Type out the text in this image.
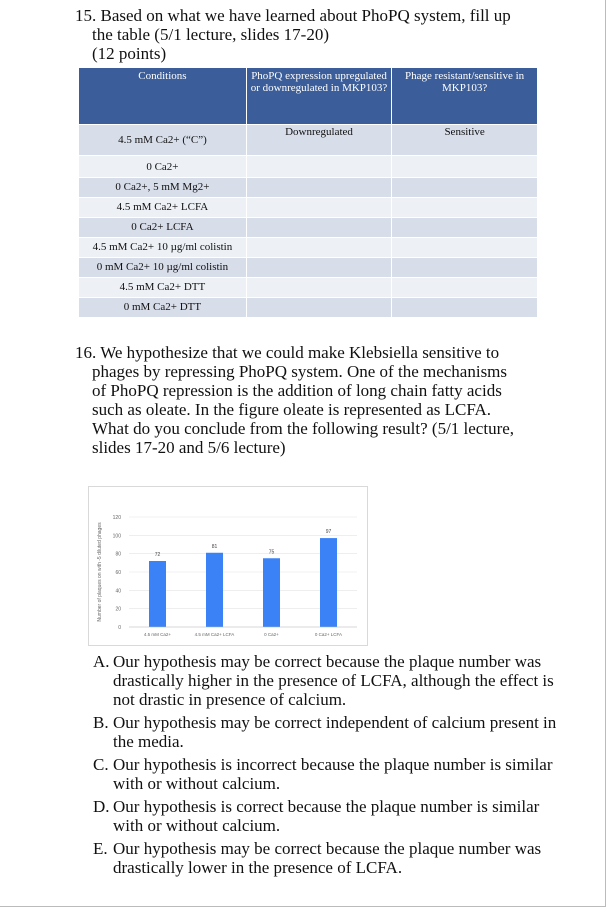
15. Based on what we have learned about PhoPQ system, fill up
the table (5/1 lecture, slides 17-20)
(12 points)
Conditions	PhoPQ expression upregulated or downregulated in MKP103?	Phage resistant/sensitive in MKP103?
4.5 mM Ca2+ (“C”)	Downregulated	Sensitive
0 Ca2+		
0 Ca2+, 5 mM Mg2+		
4.5 mM Ca2+ LCFA		
0 Ca2+ LCFA		
4.5 mM Ca2+ 10 µg/ml colistin		
0 mM Ca2+ 10 µg/ml colistin		
4.5 mM Ca2+ DTT		
0 mM Ca2+ DTT		
16. We hypothesize that we could make Klebsiella sensitive to
phages by repressing PhoPQ system. One of the mechanisms
of PhoPQ repression is the addition of long chain fatty acids
such as oleate. In the figure oleate is represented as LCFA.
What do you conclude from the following result? (5/1 lecture,
slides 17-20 and 5/6 lecture)
0
20
40
60
80
100
120
Number of plaques on with -5 diluted phages	72
4.5 mM Ca2+
81
4.5 mM Ca2+ LCFA
75
0 Ca2+
97
0 Ca2+ LCFA
A. Our hypothesis may be correct because the plaque number was drastically higher in the presence of LCFA, although the effect is not drastic in presence of calcium.
B. Our hypothesis may be correct independent of calcium present in the media.
C. Our hypothesis is incorrect because the plaque number is similar with or without calcium.
D. Our hypothesis is correct because the plaque number is similar with or without calcium.
E. Our hypothesis may be correct because the plaque number was drastically lower in the presence of LCFA.
